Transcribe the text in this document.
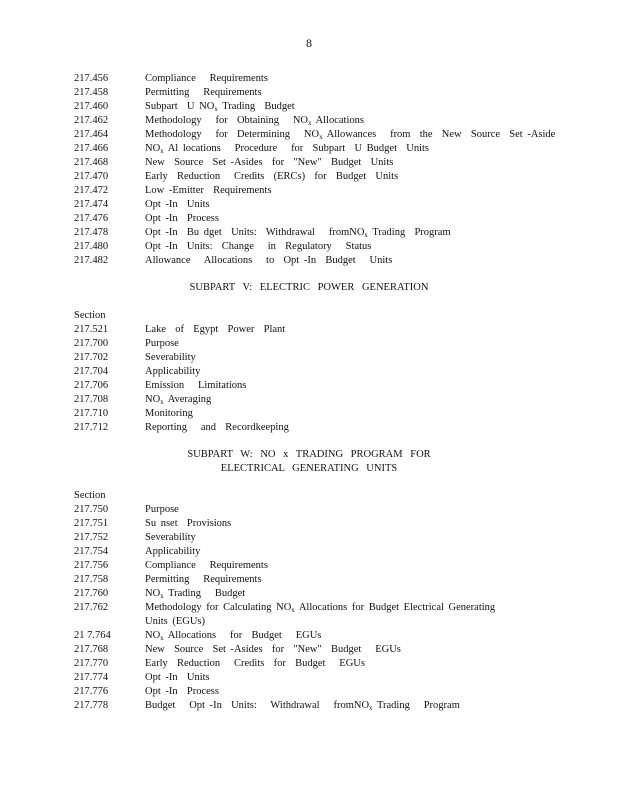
8
217.456	Compliance   Requirements
217.458	Permitting   Requirements
217.460	Subpart  U $NO_x$ Trading  Budget
217.462	Methodology   for  Obtaining   $NO_x$ Allocations
217.464	Methodology   for  Determining   $NO_x$ Allowances   from  the  New  Source  Set -Aside
217.466	$NO_x$ Al locations   Procedure   for  Subpart  U Budget  Units
217.468	New  Source  Set -Asides  for  "New"  Budget  Units
217.470	Early  Reduction   Credits  (ERCs)  for  Budget  Units
217.472	Low -Emitter  Requirements
217.474	Opt -In  Units
217.476	Opt -In  Process
217.478	Opt -In  Bu dget  Units:  Withdrawal   fromNO$_x$ Trading  Program
217.480	Opt -In  Units:  Change   in  Regulatory   Status
217.482	Allowance   Allocations   to  Opt -In  Budget   Units
SUBPART V: ELECTRIC POWER GENERATION
Section
217.521	Lake  of  Egypt  Power  Plant
217.700	Purpose
217.702	Severability
217.704	Applicability
217.706	Emission   Limitations
217.708	$NO_x$ Averaging
217.710	Monitoring
217.712	Reporting   and  Recordkeeping
SUBPART W: NO x TRADING PROGRAM FOR
ELECTRICAL GENERATING UNITS
Section
217.750	Purpose
217.751	Su nset  Provisions
217.752	Severability
217.754	Applicability
217.756	Compliance   Requirements
217.758	Permitting   Requirements
217.760	$NO_x$ Trading   Budget
217.762	Methodology for Calculating $NO_x$ Allocations for Budget Electrical Generating
Units (EGUs)
21 7.764	$NO_x$ Allocations   for  Budget   EGUs
217.768	New  Source  Set -Asides  for  "New"  Budget   EGUs
217.770	Early  Reduction   Credits  for  Budget   EGUs
217.774	Opt -In  Units
217.776	Opt -In  Process
217.778	Budget   Opt -In  Units:   Withdrawal   fromNO$_x$ Trading   Program
